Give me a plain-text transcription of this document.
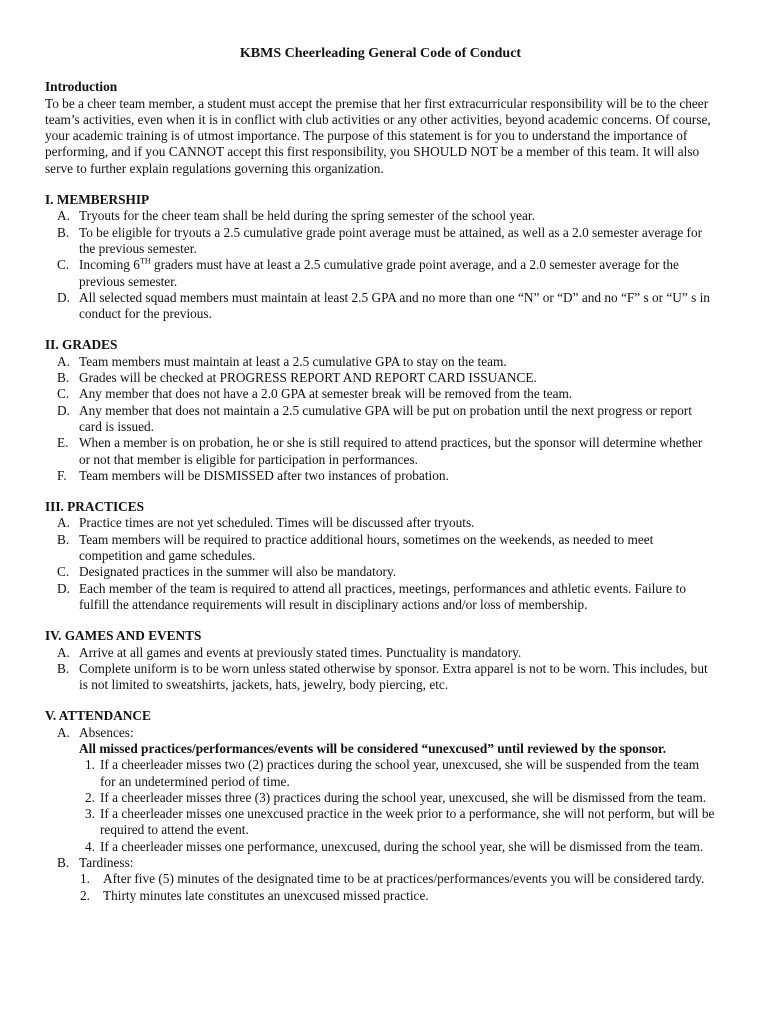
KBMS Cheerleading General Code of Conduct

Introduction

To be a cheer team member, a student must accept the premise that her first extracurricular responsibility will be to the cheer team’s activities, even when it is in conflict with club activities or any other activities, beyond academic concerns. Of course, your academic training is of utmost importance. The purpose of this statement is for you to understand the importance of performing, and if you CANNOT accept this first responsibility, you SHOULD NOT be a member of this team. It will also serve to further explain regulations governing this organization.

I. MEMBERSHIP

A. Tryouts for the cheer team shall be held during the spring semester of the school year.
B. To be eligible for tryouts a 2.5 cumulative grade point average must be attained, as well as a 2.0 semester average for the previous semester.
C. Incoming 6TH graders must have at least a 2.5 cumulative grade point average, and a 2.0 semester average for the previous semester.
D. All selected squad members must maintain at least 2.5 GPA and no more than one “N” or “D” and no “F” s or “U” s in conduct for the previous.

II. GRADES

A. Team members must maintain at least a 2.5 cumulative GPA to stay on the team.
B. Grades will be checked at PROGRESS REPORT AND REPORT CARD ISSUANCE.
C. Any member that does not have a 2.0 GPA at semester break will be removed from the team.
D. Any member that does not maintain a 2.5 cumulative GPA will be put on probation until the next progress or report card is issued.
E. When a member is on probation, he or she is still required to attend practices, but the sponsor will determine whether or not that member is eligible for participation in performances.
F. Team members will be DISMISSED after two instances of probation.

III. PRACTICES

A. Practice times are not yet scheduled. Times will be discussed after tryouts.
B. Team members will be required to practice additional hours, sometimes on the weekends, as needed to meet competition and game schedules.
C. Designated practices in the summer will also be mandatory.
D. Each member of the team is required to attend all practices, meetings, performances and athletic events. Failure to fulfill the attendance requirements will result in disciplinary actions and/or loss of membership.

IV. GAMES AND EVENTS

A. Arrive at all games and events at previously stated times. Punctuality is mandatory.
B. Complete uniform is to be worn unless stated otherwise by sponsor. Extra apparel is not to be worn. This includes, but is not limited to sweatshirts, jackets, hats, jewelry, body piercing, etc.

V. ATTENDANCE

A. Absences:
All missed practices/performances/events will be considered “unexcused” until reviewed by the sponsor.
1. If a cheerleader misses two (2) practices during the school year, unexcused, she will be suspended from the team for an undetermined period of time.
2. If a cheerleader misses three (3) practices during the school year, unexcused, she will be dismissed from the team.
3. If a cheerleader misses one unexcused practice in the week prior to a performance, she will not perform, but will be required to attend the event.
4. If a cheerleader misses one performance, unexcused, during the school year, she will be dismissed from the team.
B. Tardiness:
1. After five (5) minutes of the designated time to be at practices/performances/events you will be considered tardy.
2. Thirty minutes late constitutes an unexcused missed practice.
